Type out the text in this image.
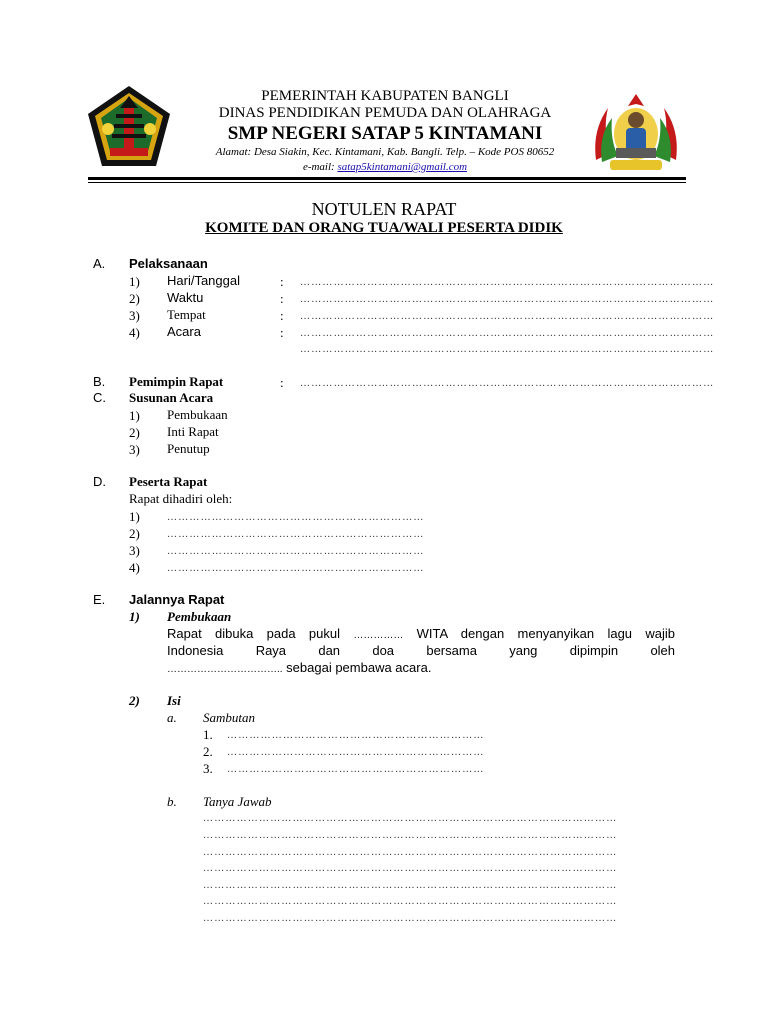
PEMERINTAH KABUPATEN BANGLI
DINAS PENDIDIKAN PEMUDA DAN OLAHRAGA
SMP NEGERI SATAP 5 KINTAMANI
Alamat: Desa Siakin, Kec. Kintamani, Kab. Bangli. Telp. – Kode POS 80652
e-mail: satap5kintamani@gmail.com
NOTULEN RAPAT
KOMITE DAN ORANG TUA/WALI PESERTA DIDIK
A. Pelaksanaan
1) Hari/Tanggal	: …………………………………………………………………………………………………
2) Waktu	: …………………………………………………………………………………………………
3) Tempat	: …………………………………………………………………………………………………
4) Acara	: …………………………………………………………………………………………………
…………………………………………………………………………………………………
B. Pemimpin Rapat	: …………………………………………………………………………………………………
C. Susunan Acara
1) Pembukaan
2) Inti Rapat
3) Penutup
D. Peserta Rapat
Rapat dihadiri oleh:
1)	……………………………………………………………
2)	……………………………………………………………
3)	……………………………………………………………
4)	……………………………………………………………
E. Jalannya Rapat
1) Pembukaan
Rapat dibuka pada pukul …………… WITA dengan menyanyikan lagu wajib
Indonesia Raya dan doa bersama yang dipimpin oleh
…………………………….. sebagai pembawa acara.
2) Isi
a. Sambutan
1. ……………………………………………………………
2. ……………………………………………………………
3. ……………………………………………………………
b. Tanya Jawab
…………………………………………………………………………………………………
…………………………………………………………………………………………………
…………………………………………………………………………………………………
…………………………………………………………………………………………………
…………………………………………………………………………………………………
…………………………………………………………………………………………………
…………………………………………………………………………………………………
